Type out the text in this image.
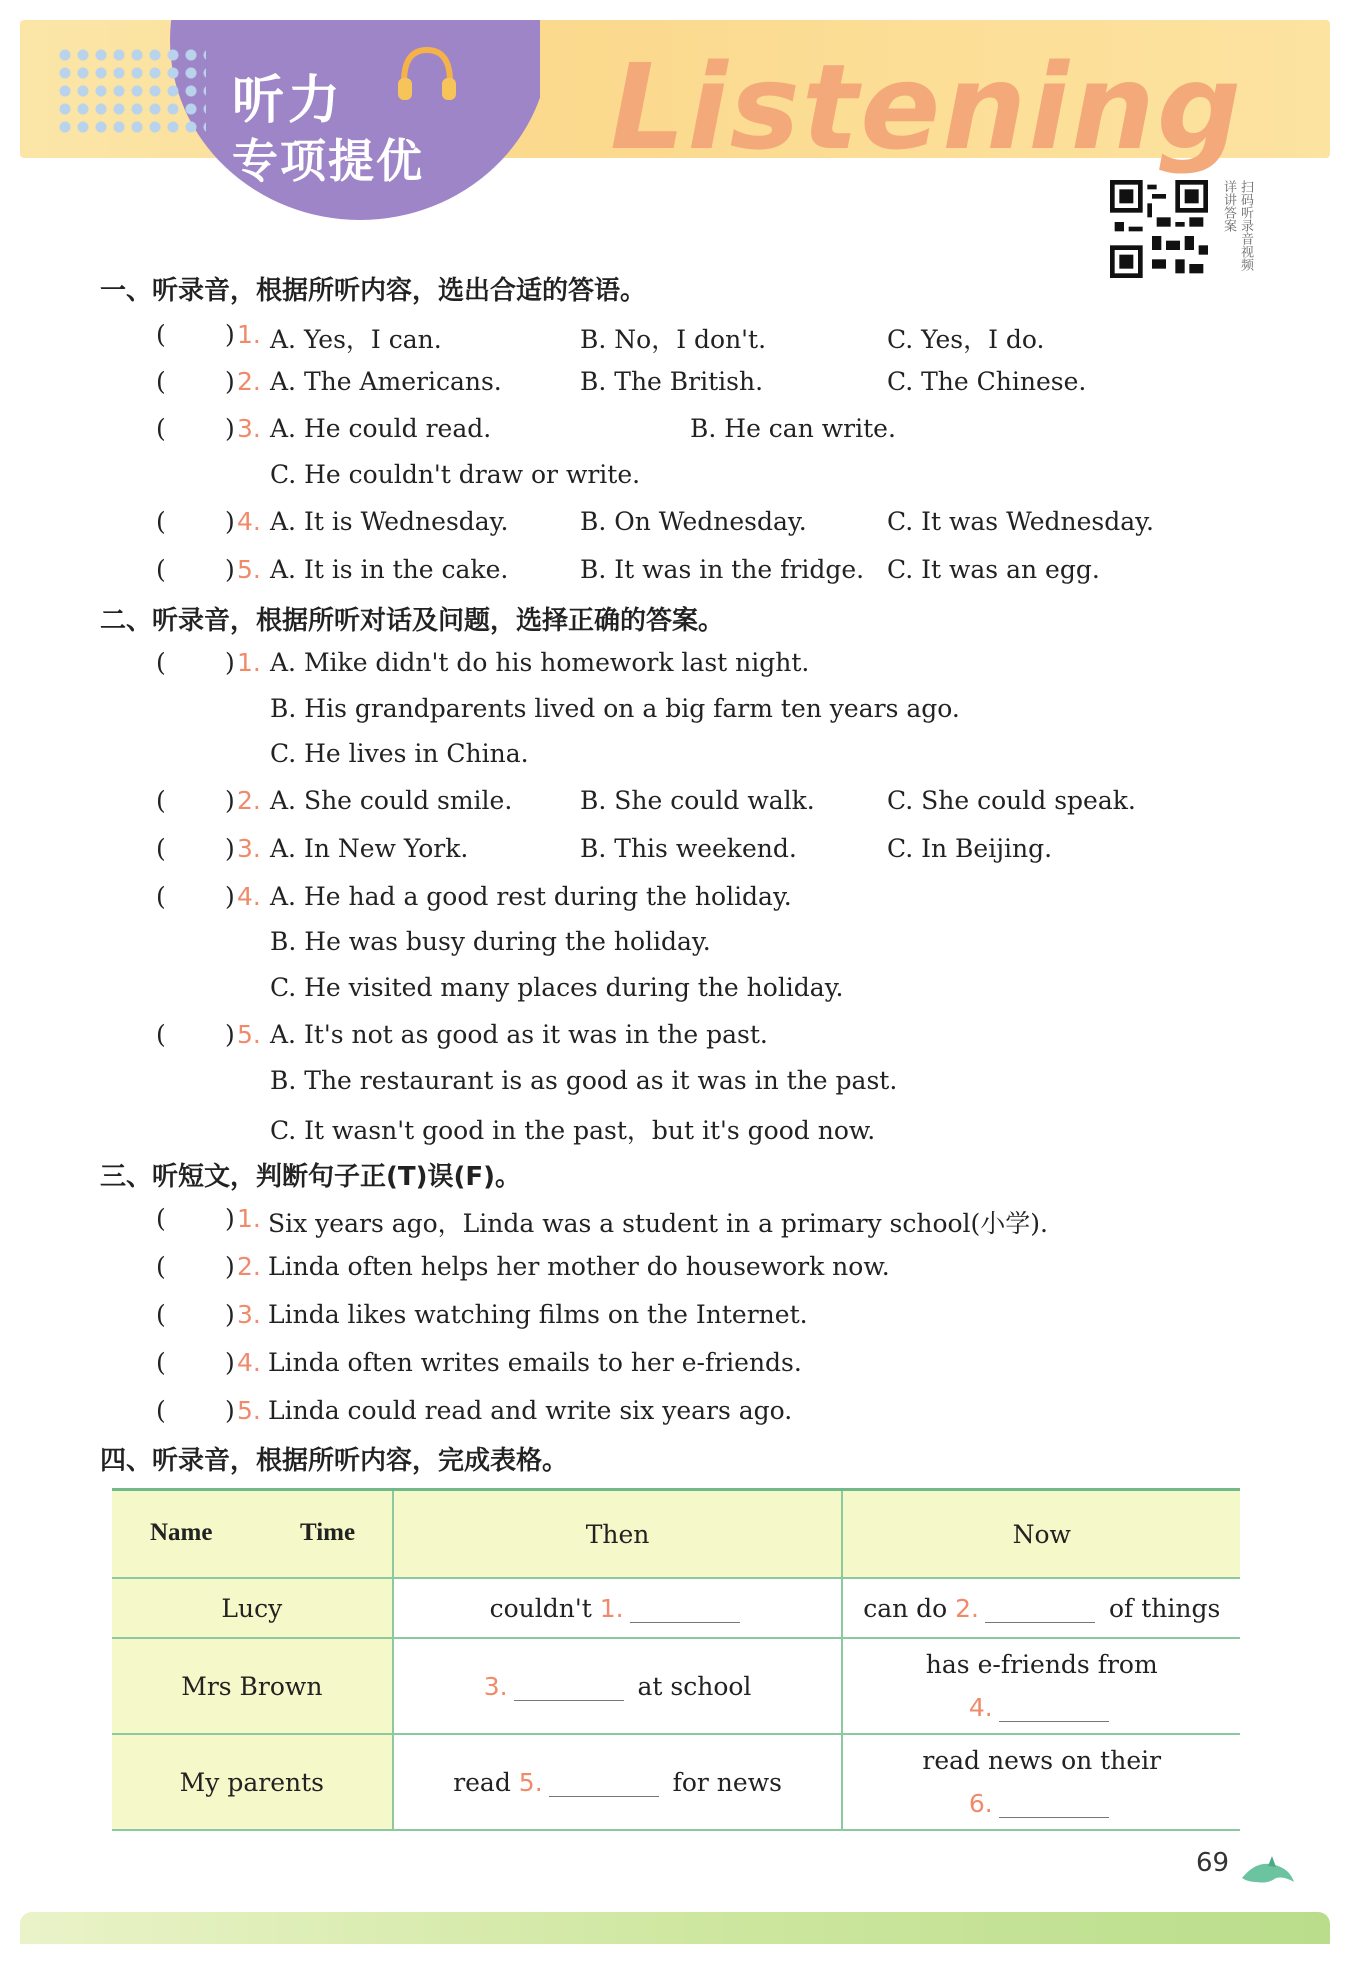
Listening
听力
专项提优
扫码听录音视频详讲答案
一、听录音，根据所听内容，选出合适的答语。
( ) 1. A. Yes，I can.	B. No，I don't.	C. Yes，I do.
( ) 2. A. The Americans.	B. The British.	C. The Chinese.
( ) 3. A. He could read.	B. He can write.
C. He couldn't draw or write.
( ) 4. A. It is Wednesday.	B. On Wednesday.	C. It was Wednesday.
( ) 5. A. It is in the cake.	B. It was in the fridge. C. It was an egg.
二、听录音，根据所听对话及问题，选择正确的答案。
( ) 1. A. Mike didn't do his homework last night.
B. His grandparents lived on a big farm ten years ago.
C. He lives in China.
( ) 2. A. She could smile.	B. She could walk.	C. She could speak.
( ) 3. A. In New York.	B. This weekend.	C. In Beijing.
( ) 4. A. He had a good rest during the holiday.
B. He was busy during the holiday.
C. He visited many places during the holiday.
( ) 5. A. It's not as good as it was in the past.
B. The restaurant is as good as it was in the past.
C. It wasn't good in the past，but it's good now.
三、听短文，判断句子正(T)误(F)。
( ) 1. Six years ago，Linda was a student in a primary school(小学).
( ) 2. Linda often helps her mother do housework now.
( ) 3. Linda likes watching films on the Internet.
( ) 4. Linda often writes emails to her e-friends.
( ) 5. Linda could read and write six years ago.
四、听录音，根据所听内容，完成表格。
Name Time	Then	Now
Lucy	couldn't 1.	can do 2. of things
Mrs Brown	3. at school	has e-friends from
4.

My parents	read 5. for news	read news on their
6.
69
